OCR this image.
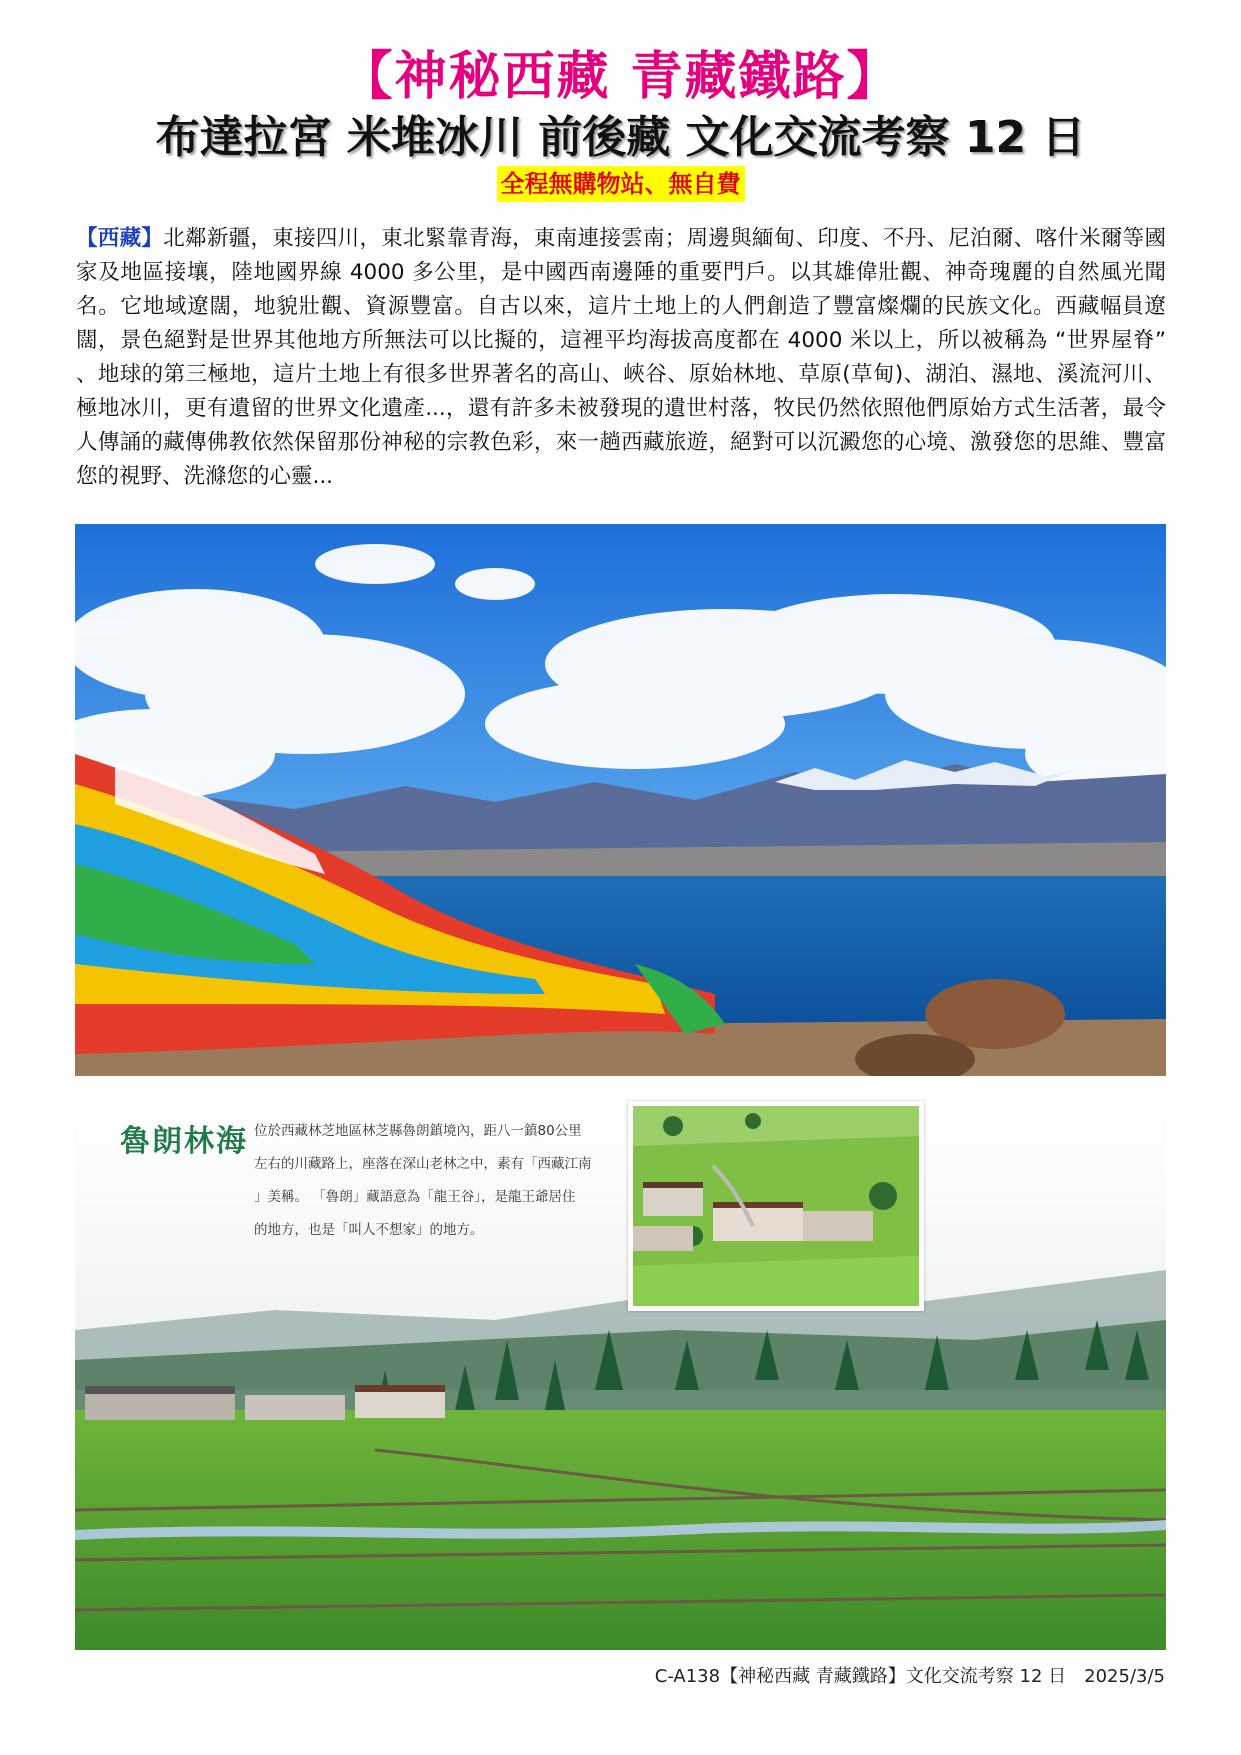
【神秘西藏 青藏鐵路】
布達拉宮 米堆冰川 前後藏 文化交流考察 12 日
全程無購物站、無自費
【西藏】北鄰新疆，東接四川，東北緊靠青海，東南連接雲南；周邊與緬甸、印度、不丹、尼泊爾、喀什米爾等國家及地區接壤，陸地國界線 4000 多公里，是中國西南邊陲的重要門戶。以其雄偉壯觀、神奇瑰麗的自然風光聞名。它地域遼闊，地貌壯觀、資源豐富。自古以來，這片土地上的人們創造了豐富燦爛的民族文化。西藏幅員遼闊，景色絕對是世界其他地方所無法可以比擬的，這裡平均海拔高度都在 4000 米以上，所以被稱為 “世界屋脊” 、地球的第三極地，這片土地上有很多世界著名的高山、峽谷、原始林地、草原(草甸)、湖泊、濕地、溪流河川、極地冰川，更有遺留的世界文化遺產...，還有許多未被發現的遺世村落，牧民仍然依照他們原始方式生活著，最令人傳誦的藏傳佛教依然保留那份神秘的宗教色彩，來一趟西藏旅遊，絕對可以沉澱您的心境、激發您的思維、豐富您的視野、洗滌您的心靈...
魯朗林海 位於西藏林芝地區林芝縣魯朗鎮境內，距八一鎮80公里
左右的川藏路上，座落在深山老林之中，素有「西藏江南
」美稱。 「魯朗」藏語意為「龍王谷」，是龍王爺居住
的地方，也是「叫人不想家」的地方。
C-A138【神秘西藏 青藏鐵路】文化交流考察 12 日　2025/3/5
